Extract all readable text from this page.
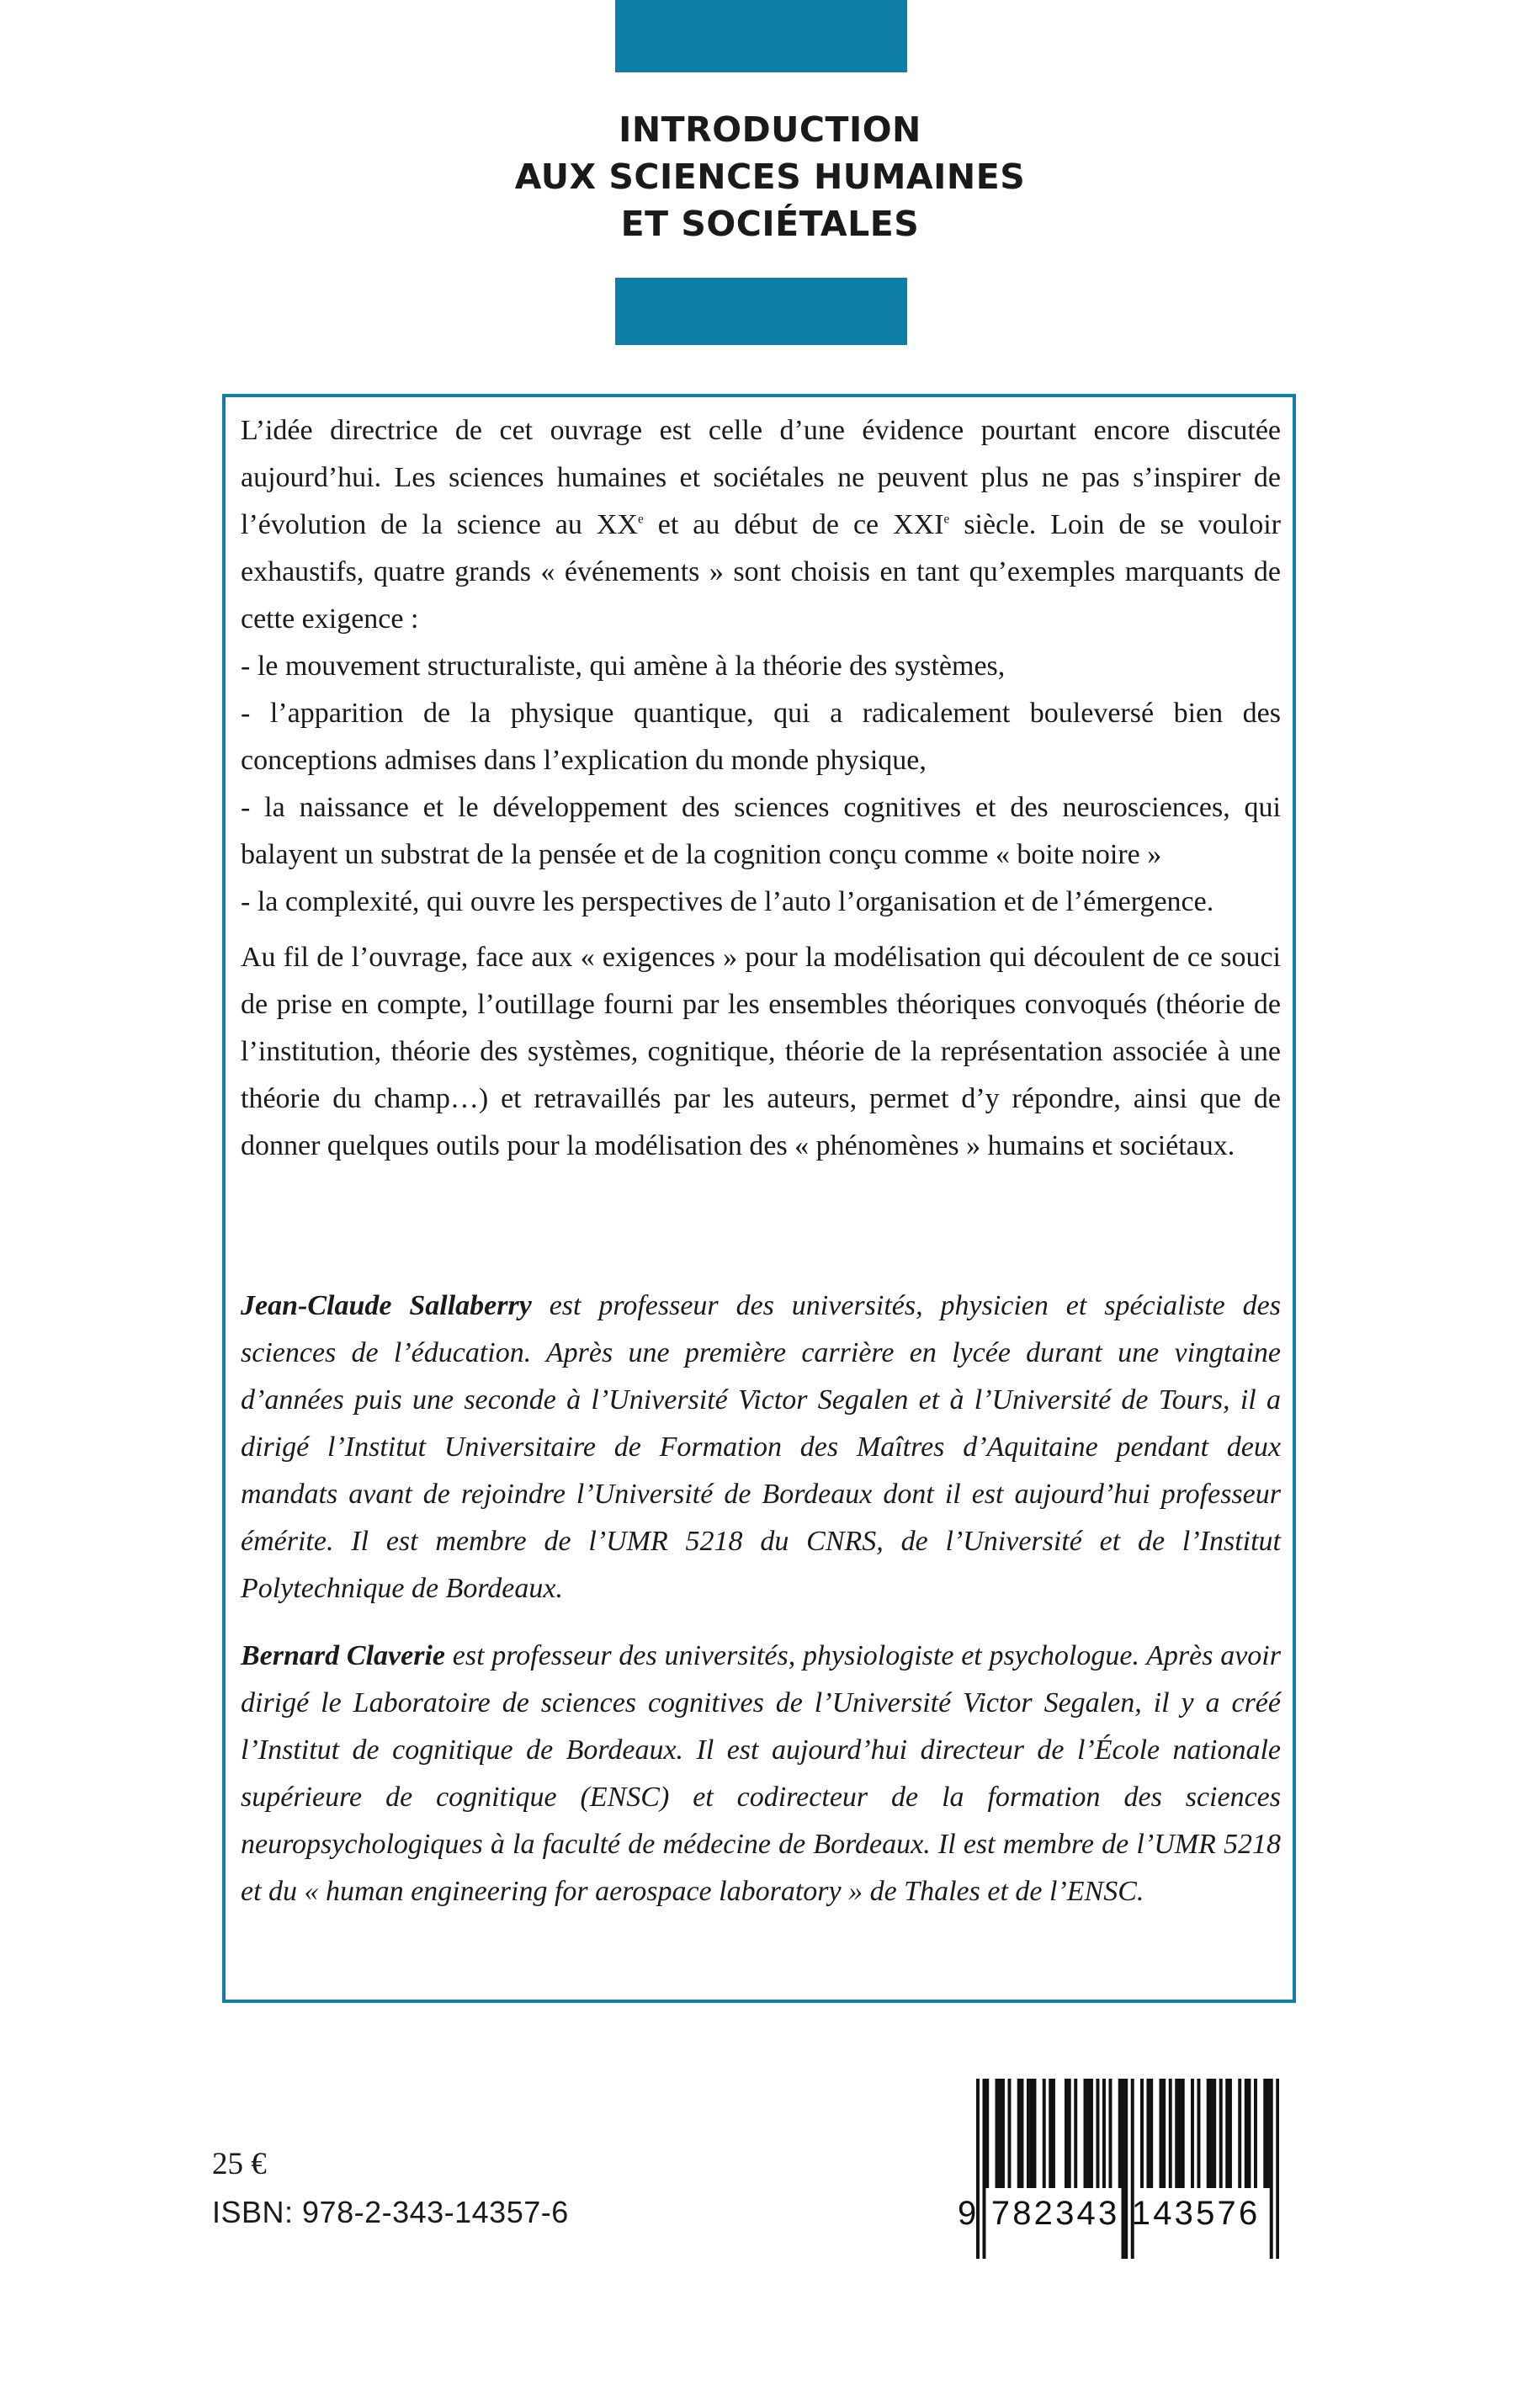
INTRODUCTION
AUX SCIENCES HUMAINES
ET SOCIÉTALES

L’idée directrice de cet ouvrage est celle d’une évidence pourtant encore discutée aujourd’hui. Les sciences humaines et sociétales ne peuvent plus ne pas s’inspirer de l’évolution de la science au XXe et au début de ce XXIe siècle. Loin de se vouloir exhaustifs, quatre grands « événements » sont choisis en tant qu’exemples marquants de cette exigence :

- le mouvement structuraliste, qui amène à la théorie des systèmes,

- l’apparition de la physique quantique, qui a radicalement bouleversé bien des conceptions admises dans l’explication du monde physique,

- la naissance et le développement des sciences cognitives et des neurosciences, qui balayent un substrat de la pensée et de la cognition conçu comme « boite noire »

- la complexité, qui ouvre les perspectives de l’auto l’organisation et de l’émergence.

Au fil de l’ouvrage, face aux « exigences » pour la modélisation qui découlent de ce souci de prise en compte, l’outillage fourni par les ensembles théoriques convoqués (théorie de l’institution, théorie des systèmes, cognitique, théorie de la représentation associée à une théorie du champ…) et retravaillés par les auteurs, permet d’y répondre, ainsi que de donner quelques outils pour la modélisation des « phénomènes » humains et sociétaux.

Jean-Claude Sallaberry est professeur des universités, physicien et spécialiste des sciences de l’éducation. Après une première carrière en lycée durant une vingtaine d’années puis une seconde à l’Université Victor Segalen et à l’Université de Tours, il a dirigé l’Institut Universitaire de Formation des Maîtres d’Aquitaine pendant deux mandats avant de rejoindre l’Université de Bordeaux dont il est aujourd’hui professeur émérite. Il est membre de l’UMR 5218 du CNRS, de l’Université et de l’Institut Polytechnique de Bordeaux.

Bernard Claverie est professeur des universités, physiologiste et psychologue. Après avoir dirigé le Laboratoire de sciences cognitives de l’Université Victor Segalen, il y a créé l’Institut de cognitique de Bordeaux. Il est aujourd’hui directeur de l’École nationale supérieure de cognitique (ENSC) et codirecteur de la formation des sciences neuropsychologiques à la faculté de médecine de Bordeaux. Il est membre de l’UMR 5218 et du « human engineering for aerospace laboratory » de Thales et de l’ENSC.

25 €
ISBN: 978-2-343-14357-6	9 782343 143576
